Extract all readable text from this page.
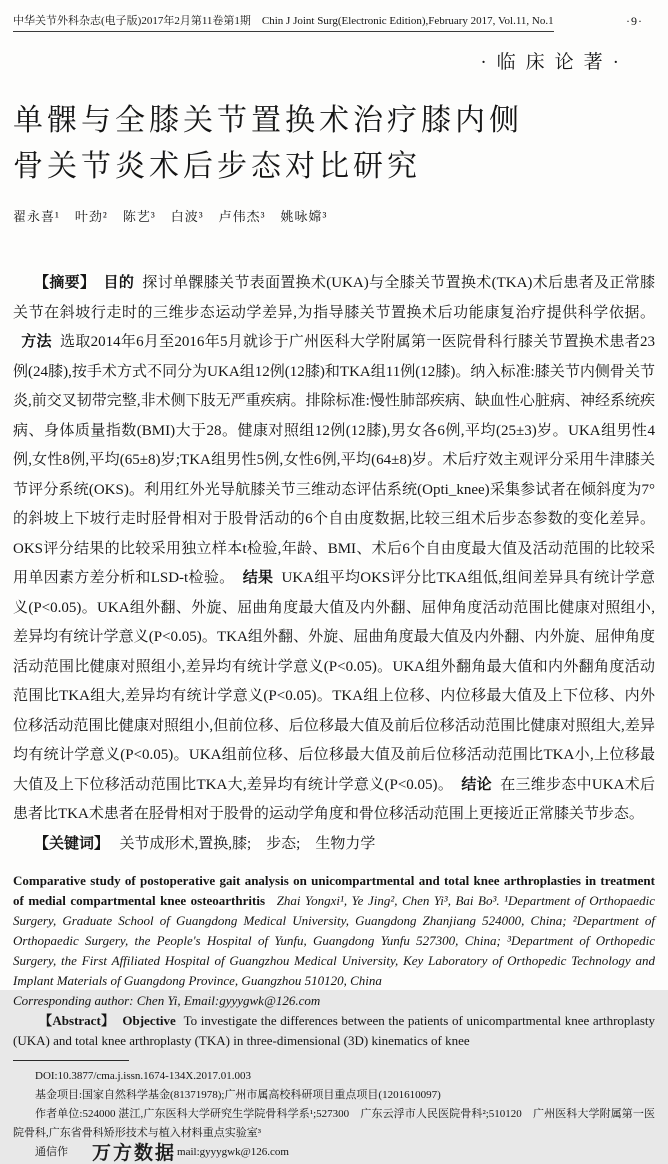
中华关节外科杂志(电子版)2017年2月第11卷第1期　Chin J Joint Surg(Electronic Edition),February 2017, Vol.11, No.1	·9·
·临床论著·
单髁与全膝关节置换术治疗膝内侧
骨关节炎术后步态对比研究
翟永喜¹ 叶劲² 陈艺³ 白波³ 卢伟杰³ 姚咏嫦³

【摘要】 目的 探讨单髁膝关节表面置换术(UKA)与全膝关节置换术(TKA)术后患者及正常膝关节在斜坡行走时的三维步态运动学差异,为指导膝关节置换术后功能康复治疗提供科学依据。方法 选取2014年6月至2016年5月就诊于广州医科大学附属第一医院骨科行膝关节置换术患者23例(24膝),按手术方式不同分为UKA组12例(12膝)和TKA组11例(12膝)。纳入标准:膝关节内侧骨关节炎,前交叉韧带完整,非术侧下肢无严重疾病。排除标准:慢性肺部疾病、缺血性心脏病、神经系统疾病、身体质量指数(BMI)大于28。健康对照组12例(12膝),男女各6例,平均(25±3)岁。UKA组男性4例,女性8例,平均(65±8)岁;TKA组男性5例,女性6例,平均(64±8)岁。术后疗效主观评分采用牛津膝关节评分系统(OKS)。利用红外光导航膝关节三维动态评估系统(Opti_knee)采集参试者在倾斜度为7°的斜坡上下坡行走时胫骨相对于股骨活动的6个自由度数据,比较三组术后步态参数的变化差异。OKS评分结果的比较采用独立样本t检验,年龄、BMI、术后6个自由度最大值及活动范围的比较采用单因素方差分析和LSD-t检验。 结果 UKA组平均OKS评分比TKA组低,组间差异具有统计学意义(P<0.05)。UKA组外翻、外旋、屈曲角度最大值及内外翻、屈伸角度活动范围比健康对照组小,差异均有统计学意义(P<0.05)。TKA组外翻、外旋、屈曲角度最大值及内外翻、内外旋、屈伸角度活动范围比健康对照组小,差异均有统计学意义(P<0.05)。UKA组外翻角最大值和内外翻角度活动范围比TKA组大,差异均有统计学意义(P<0.05)。TKA组上位移、内位移最大值及上下位移、内外位移活动范围比健康对照组小,但前位移、后位移最大值及前后位移活动范围比健康对照组大,差异均有统计学意义(P<0.05)。UKA组前位移、后位移最大值及前后位移活动范围比TKA小,上位移最大值及上下位移活动范围比TKA大,差异均有统计学意义(P<0.05)。 结论 在三维步态中UKA术后患者比TKA术患者在胫骨相对于股骨的运动学角度和骨位移活动范围上更接近正常膝关节步态。

【关键词】 关节成形术,置换,膝;　步态;　生物力学

Comparative study of postoperative gait analysis on unicompartmental and total knee arthroplasties in treatment of medial compartmental knee osteoarthritis Zhai Yongxi¹, Ye Jing², Chen Yi³, Bai Bo³. ¹Department of Orthopaedic Surgery, Graduate School of Guangdong Medical University, Guangdong Zhanjiang 524000, China; ²Department of Orthopaedic Surgery, the People's Hospital of Yunfu, Guangdong Yunfu 527300, China; ³Department of Orthopedic Surgery, the First Affiliated Hospital of Guangzhou Medical University, Key Laboratory of Orthopedic Technology and Implant Materials of Guangdong Province, Guangzhou 510120, China

Corresponding author: Chen Yi, Email:gyyygwk@126.com

【Abstract】 Objective To investigate the differences between the patients of unicompartmental knee arthroplasty (UKA) and total knee arthroplasty (TKA) in three-dimensional (3D) kinematics of knee

DOI:10.3877/cma.j.issn.1674-134X.2017.01.003

基金项目:国家自然科学基金(81371978);广州市属高校科研项目重点项目(1201610097)

作者单位:524000 湛江,广东医科大学研究生学院骨科学系¹;527300　广东云浮市人民医院骨科²;510120　广州医科大学附属第一医院骨科,广东省骨科矫形技术与植入材料重点实验室³

通信作 万方数据mail:gyyygwk@126.com
